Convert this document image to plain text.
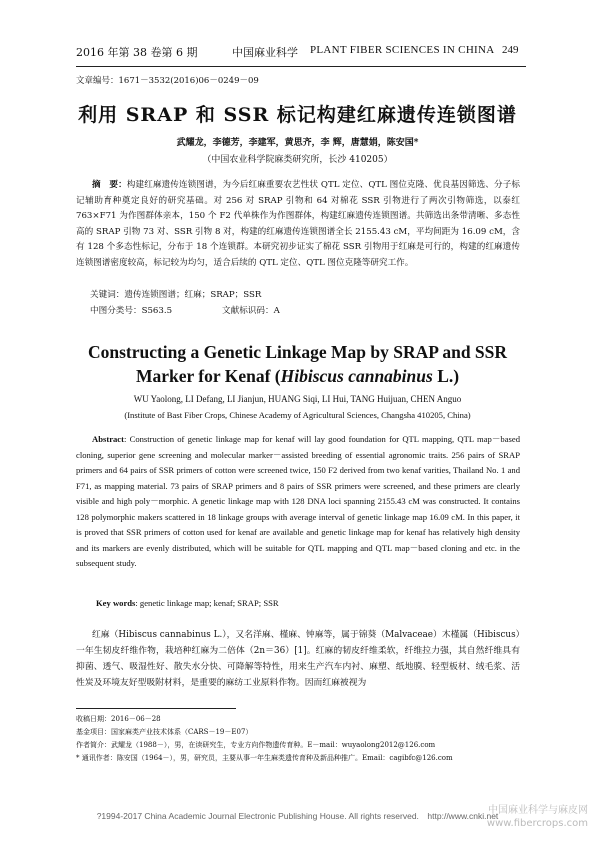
2016 年第 38 卷第 6 期	中国麻业科学 PLANT FIBER SCIENCES IN CHINA 249
文章编号：1671－3532(2016)06－0249－09
利用 SRAP 和 SSR 标记构建红麻遗传连锁图谱
武耀龙，李德芳，李建军，黄思齐，李 辉，唐慧娟，陈安国*
（中国农业科学院麻类研究所，长沙 410205）
摘　要：构建红麻遗传连锁图谱，为今后红麻重要农艺性状 QTL 定位、QTL 图位克隆、优良基因筛选、分子标记辅助育种奠定良好的研究基础。对 256 对 SRAP 引物和 64 对棉花 SSR 引物进行了两次引物筛选，以泰红 763×F71 为作图群体亲本，150 个 F2 代单株作为作图群体，构建红麻遗传连锁图谱。共筛选出条带清晰、多态性高的 SRAP 引物 73 对、SSR 引物 8 对，构建的红麻遗传连锁图谱全长 2155.43 cM，平均间距为 16.09 cM，含有 128 个多态性标记，分布于 18 个连锁群。本研究初步证实了棉花 SSR 引物用于红麻是可行的，构建的红麻遗传连锁图谱密度较高，标记较为均匀，适合后续的 QTL 定位、QTL 图位克隆等研究工作。
关键词：遗传连锁图谱；红麻；SRAP；SSR
中图分类号：S563.5	文献标识码：A
Constructing a Genetic Linkage Map by SRAP and SSR
Marker for Kenaf (Hibiscus cannabinus L.)
WU Yaolong, LI Defang, LI Jianjun, HUANG Siqi, LI Hui, TANG Huijuan, CHEN Anguo
(Institute of Bast Fiber Crops, Chinese Academy of Agricultural Sciences, Changsha 410205, China)
Abstract: Construction of genetic linkage map for kenaf will lay good foundation for QTL mapping, QTL map－based cloning, superior gene screening and molecular marker－assisted breeding of essential agronomic traits. 256 pairs of SRAP primers and 64 pairs of SSR primers of cotton were screened twice, 150 F2 derived from two kenaf varities, Thailand No. 1 and F71, as mapping material. 73 pairs of SRAP primers and 8 pairs of SSR primers were screened, and these primers are clearly visible and high poly－morphic. A genetic linkage map with 128 DNA loci spanning 2155.43 cM was constructed. It contains 128 polymorphic makers scattered in 18 linkage groups with average interval of genetic linkage map 16.09 cM. In this paper, it is proved that SSR primers of cotton used for kenaf are available and genetic linkage map for kenaf has relatively high density and its markers are evenly distributed, which will be suitable for QTL mapping and QTL map－based cloning and etc. in the subsequent study.
Key words: genetic linkage map; kenaf; SRAP; SSR
红麻（Hibiscus cannabinus L.），又名洋麻、槿麻、钟麻等，属于锦葵（Malvaceae）木槿属（Hibiscus）一年生韧皮纤维作物，栽培种红麻为二倍体（2n＝36）[1]。红麻的韧皮纤维柔软，纤维拉力强，其自然纤维具有抑菌、透气、吸湿性好、散失水分快、可降解等特性，用来生产汽车内衬、麻塑、纸地膜、轻型板材、绒毛浆、活性炭及环境友好型吸附材料，是重要的麻纺工业原料作物。因而红麻被视为
收稿日期：2016－06－28
基金项目：国家麻类产业技术体系（CARS－19－E07）
作者简介：武耀龙（1988－），男，在读研究生，专业方向作物遗传育种。E－mail：wuyaolong2012@126.com
* 通讯作者：陈安国（1964－），男，研究员，主要从事一年生麻类遗传育种及新品种推广。Email：cagibfc@126.com
?1994-2017 China Academic Journal Electronic Publishing House. All rights reserved.　http://www.cnki.net
中国麻业科学与麻皮网
www.fibercrops.com
